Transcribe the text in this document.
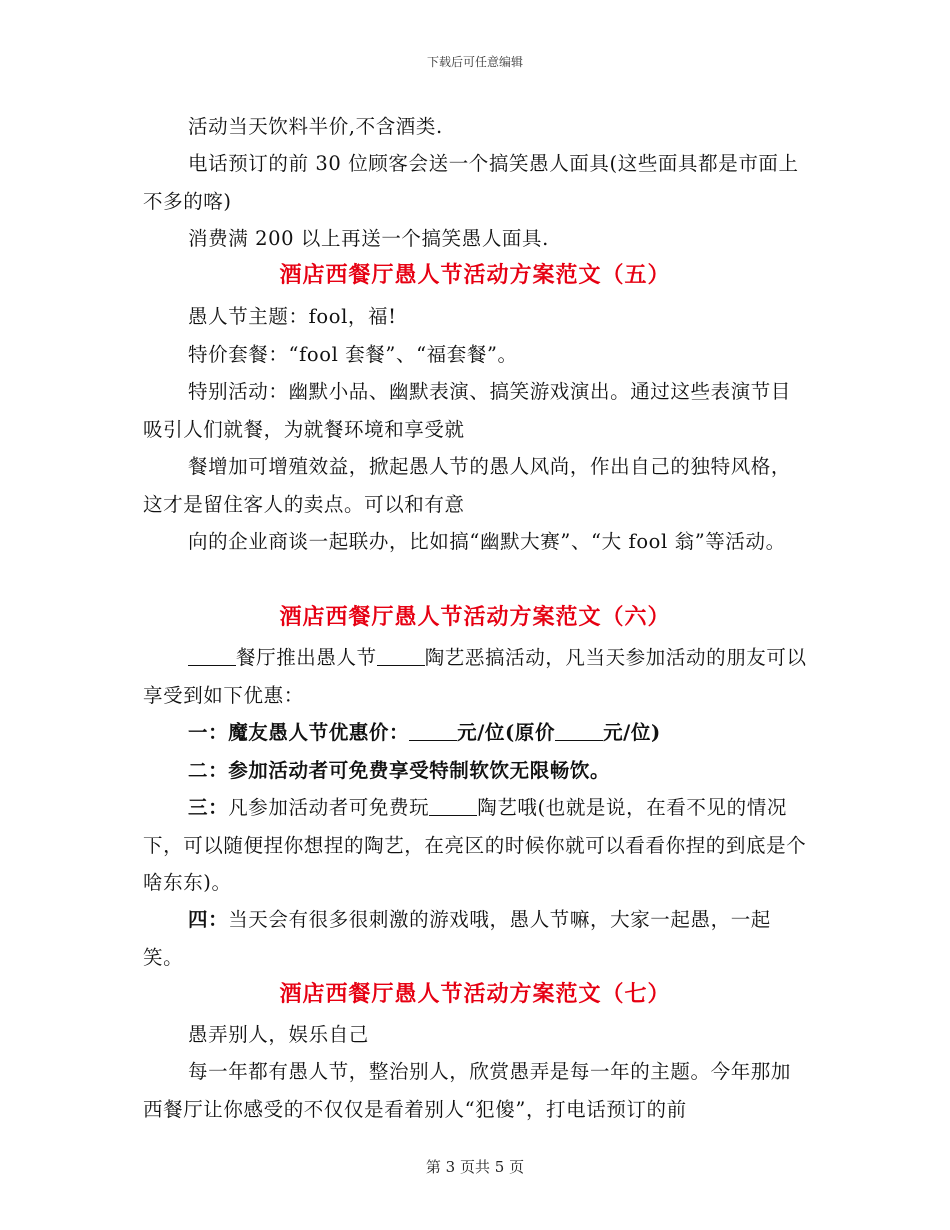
下载后可任意编辑
活动当天饮料半价,不含酒类.
电话预订的前 30 位顾客会送一个搞笑愚人面具(这些面具都是市面上不多的喀)
消费满 200 以上再送一个搞笑愚人面具.
酒店西餐厅愚人节活动方案范文（五）
愚人节主题：fool，福!
特价套餐：“fool 套餐”、“福套餐”。
特别活动：幽默小品、幽默表演、搞笑游戏演出。通过这些表演节目吸引人们就餐，为就餐环境和享受就
餐增加可增殖效益，掀起愚人节的愚人风尚，作出自己的独特风格，这才是留住客人的卖点。可以和有意
向的企业商谈一起联办，比如搞“幽默大赛”、“大 fool 翁”等活动。
酒店西餐厅愚人节活动方案范文（六）
餐厅推出愚人节 陶艺恶搞活动，凡当天参加活动的朋友可以享受到如下优惠：
一：魔友愚人节优惠价： 元/位(原价 元/位)
二：参加活动者可免费享受特制软饮无限畅饮。
三：凡参加活动者可免费玩 陶艺哦(也就是说，在看不见的情况下，可以随便捏你想捏的陶艺，在亮区的时候你就可以看看你捏的到底是个啥东东)。
四：当天会有很多很刺激的游戏哦，愚人节嘛，大家一起愚，一起笑。
酒店西餐厅愚人节活动方案范文（七）
愚弄别人，娱乐自己
每一年都有愚人节，整治别人，欣赏愚弄是每一年的主题。今年那加西餐厅让你感受的不仅仅是看着别人“犯傻”，打电话预订的前
第 3 页共 5 页
